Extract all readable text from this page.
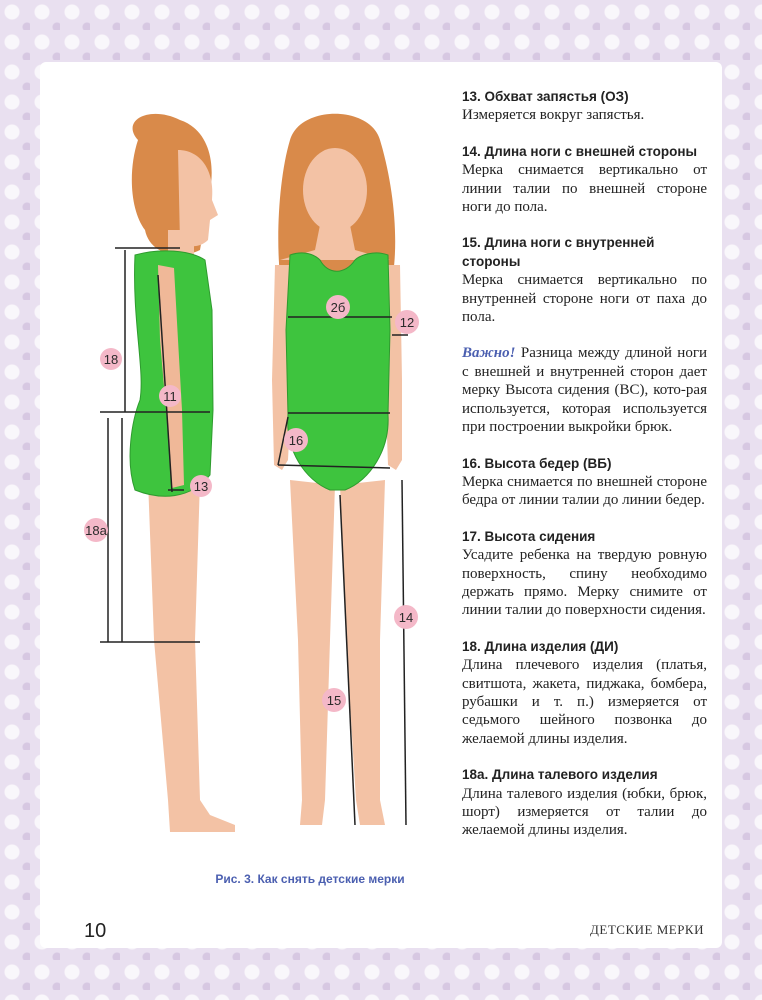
18
11
13
18а
2б
12
16
14
15
Рис. 3. Как снять детские мерки
13. Обхват запястья (ОЗ)

Измеряется вокруг запястья.

14. Длина ноги с внешней стороны

Мерка снимается вертикально от линии талии по внешней стороне ноги до пола.

15. Длина ноги с внутренней стороны

Мерка снимается вертикально по внутренней стороне ноги от паха до пола.

Важно! Разница между длиной ноги с внешней и внутренней сторон дает мерку Высота сидения (ВС), кото-рая используется, которая используется при построении выкройки брюк.

16. Высота бедер (ВБ)

Мерка снимается по внешней стороне бедра от линии талии до линии бедер.

17. Высота сидения

Усадите ребенка на твердую ровную поверхность, спину необходимо держать прямо. Мерку снимите от линии талии до поверхности сидения.

18. Длина изделия (ДИ)

Длина плечевого изделия (платья, свитшота, жакета, пиджака, бомбера, рубашки и т. п.) измеряется от седьмого шейного позвонка до желаемой длины изделия.

18а. Длина талевого изделия

Длина талевого изделия (юбки, брюк, шорт) измеряется от талии до желаемой длины изделия.

10	ДЕТСКИЕ МЕРКИ
